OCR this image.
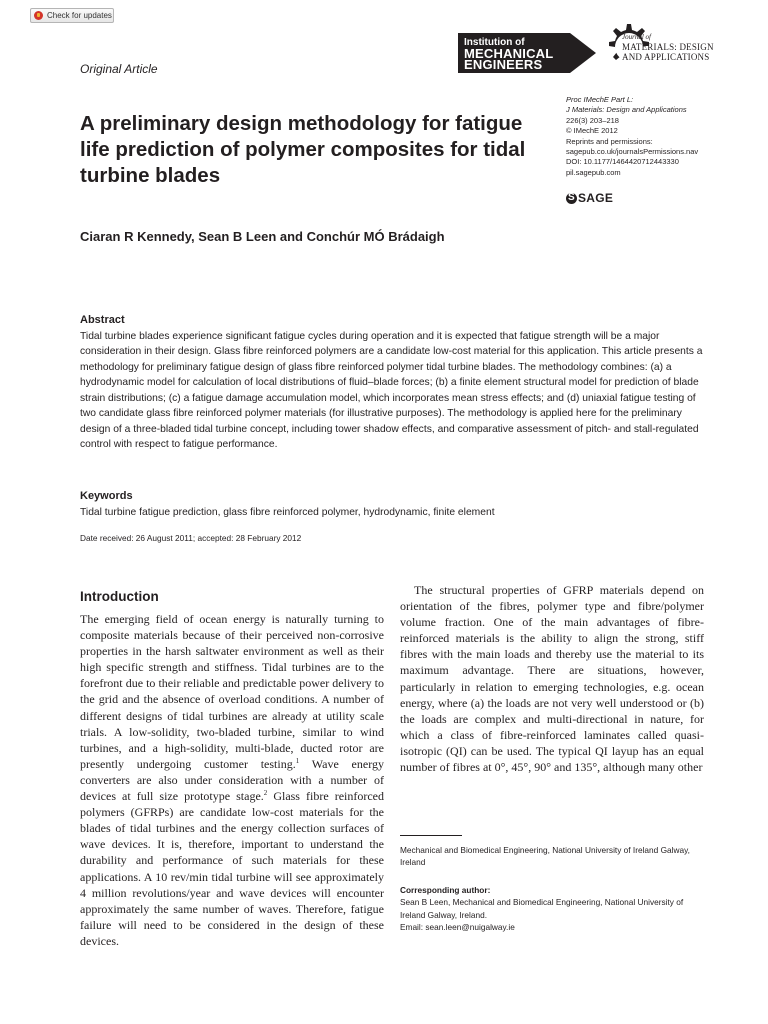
Check for updates
Original Article
Institution of
MECHANICAL
ENGINEERS
Journal of
MATERIALS: DESIGN
AND APPLICATIONS
A preliminary design methodology for fatigue life prediction of polymer composites for tidal turbine blades
Proc IMechE Part L:
J Materials: Design and Applications
226(3) 203–218
© IMechE 2012
Reprints and permissions:
sagepub.co.uk/journalsPermissions.nav
DOI: 10.1177/1464420712443330
pil.sagepub.com
S
SAGE
Ciaran R Kennedy, Sean B Leen and Conchúr MÓ Brádaigh
Abstract
Tidal turbine blades experience significant fatigue cycles during operation and it is expected that fatigue strength will be a major consideration in their design. Glass fibre reinforced polymers are a candidate low-cost material for this application. This article presents a methodology for preliminary fatigue design of glass fibre reinforced polymer tidal turbine blades. The methodology combines: (a) a hydrodynamic model for calculation of local distributions of fluid–blade forces; (b) a finite element structural model for prediction of blade strain distributions; (c) a fatigue damage accumulation model, which incorporates mean stress effects; and (d) uniaxial fatigue testing of two candidate glass fibre reinforced polymer materials (for illustrative purposes). The methodology is applied here for the preliminary design of a three-bladed tidal turbine concept, including tower shadow effects, and comparative assessment of pitch- and stall-regulated control with respect to fatigue performance.
Keywords
Tidal turbine fatigue prediction, glass fibre reinforced polymer, hydrodynamic, finite element
Date received: 26 August 2011; accepted: 28 February 2012
Introduction

The emerging field of ocean energy is naturally turning to composite materials because of their perceived non-corrosive properties in the harsh saltwater environment as well as their high specific strength and stiffness. Tidal turbines are to the forefront due to their reliable and predictable power delivery to the grid and the absence of overload conditions. A number of different designs of tidal turbines are already at utility scale trials. A low-solidity, two-bladed turbine, similar to wind turbines, and a high-solidity, multi-blade, ducted rotor are presently undergoing customer testing.$^1$ Wave energy converters are also under consideration with a number of devices at full size prototype stage.$^2$ Glass fibre reinforced polymers (GFRPs) are candidate low-cost materials for the blades of tidal turbines and the energy collection surfaces of wave devices. It is, therefore, important to understand the durability and performance of such materials for these applications. A 10 rev/min tidal turbine will see approximately 4 million revolutions/year and wave devices will encounter approximately the same number of waves. Therefore, fatigue failure will need to be considered in the design of these devices.

The structural properties of GFRP materials depend on orientation of the fibres, polymer type and fibre/polymer volume fraction. One of the main advantages of fibre-reinforced materials is the ability to align the strong, stiff fibres with the main loads and thereby use the material to its maximum advantage. There are situations, however, particularly in relation to emerging technologies, e.g. ocean energy, where (a) the loads are not very well understood or (b) the loads are complex and multi-directional in nature, for which a class of fibre-reinforced laminates called quasi-isotropic (QI) can be used. The typical QI layup has an equal number of fibres at 0°, 45°, 90° and 135°, although many other

Mechanical and Biomedical Engineering, National University of Ireland Galway, Ireland
Corresponding author:
Sean B Leen, Mechanical and Biomedical Engineering, National University of Ireland Galway, Ireland.
Email: sean.leen@nuigalway.ie
